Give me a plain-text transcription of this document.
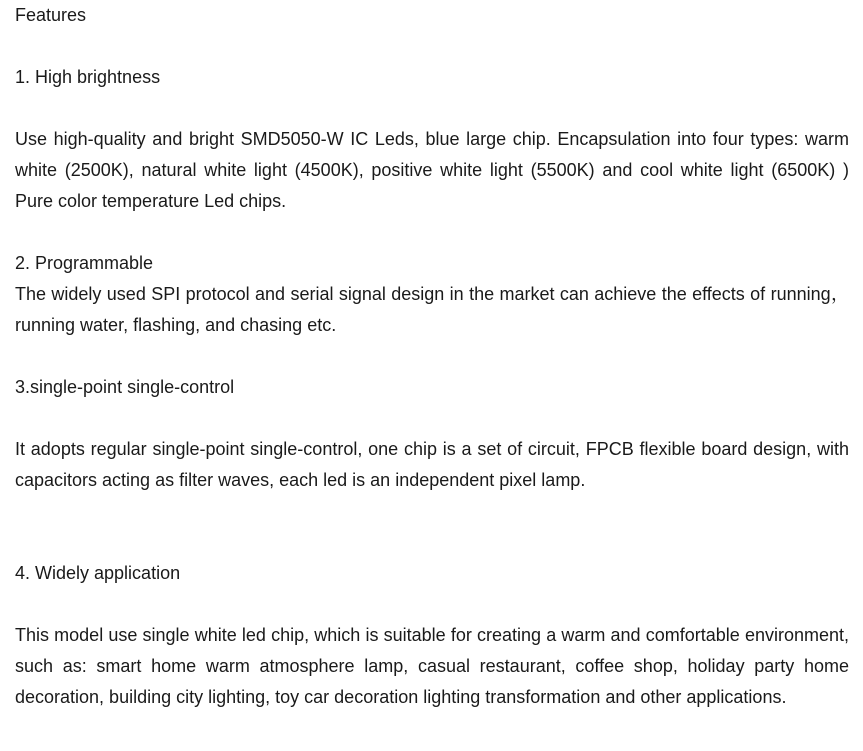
Features

1. High brightness

Use high-quality and bright SMD5050-W IC Leds, blue large chip. Encapsulation into four types: warm white (2500K), natural white light (4500K), positive white light (5500K) and cool white light (6500K) ) Pure color temperature Led chips.

2. Programmable

The widely used SPI protocol and serial signal design in the market can achieve the effects of running， running water, flashing, and chasing etc.

3.single-point single-control

It adopts regular single-point single-control, one chip is a set of circuit, FPCB flexible board design, with capacitors acting as filter waves, each led is an independent pixel lamp.

4. Widely application

This model use single white led chip, which is suitable for creating a warm and comfortable environment, such as: smart home warm atmosphere lamp, casual restaurant, coffee shop, holiday party home decoration, building city lighting, toy car decoration lighting transformation and other applications.
